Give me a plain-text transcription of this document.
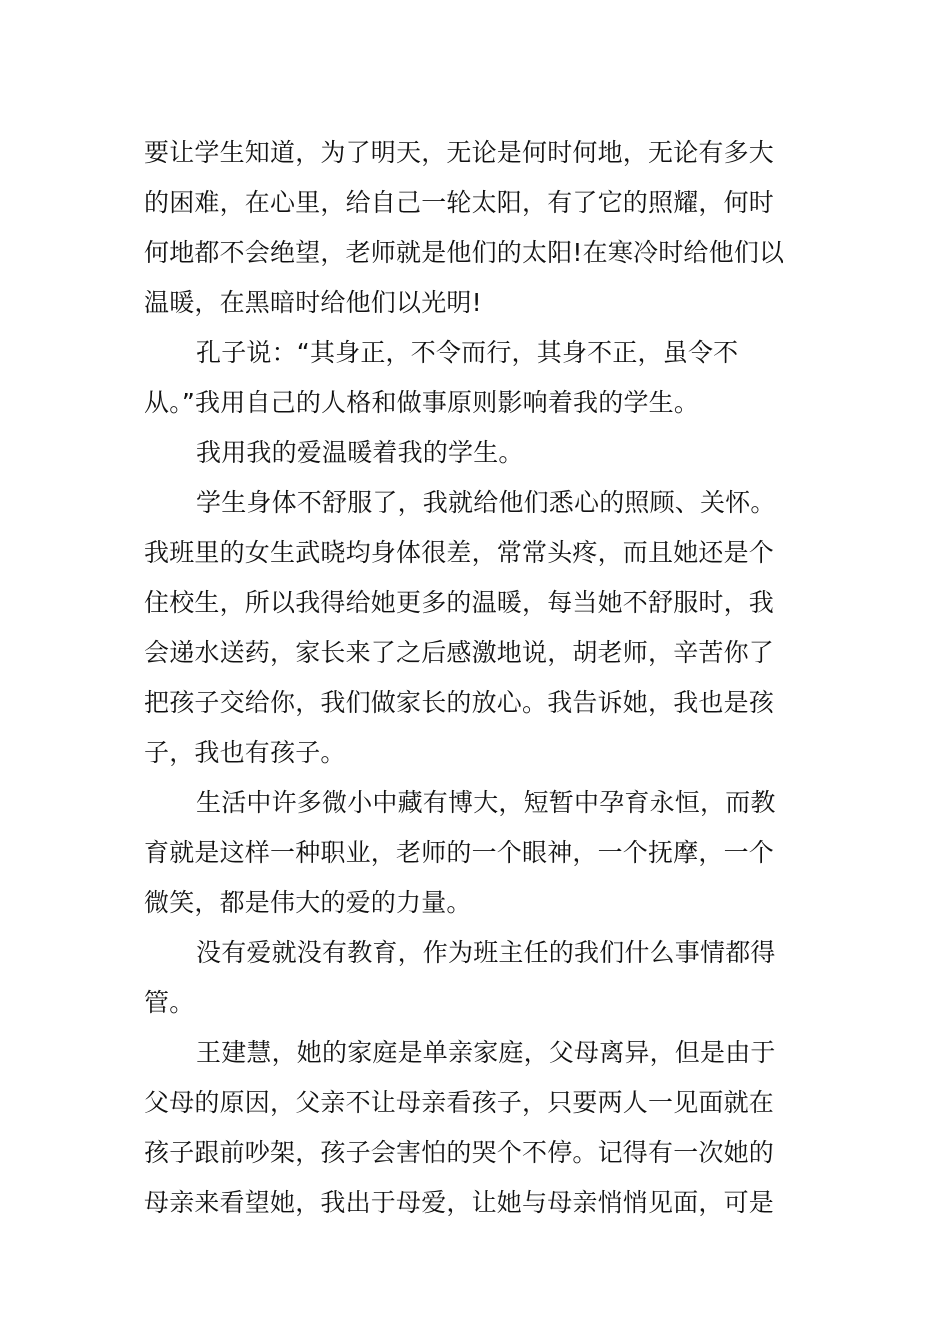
要让学生知道，为了明天，无论是何时何地，无论有多大
的困难，在心里，给自己一轮太阳，有了它的照耀，何时
何地都不会绝望，老师就是他们的太阳!在寒冷时给他们以
温暖，在黑暗时给他们以光明!
孔子说：“其身正，不令而行，其身不正，虽令不
从。”我用自己的人格和做事原则影响着我的学生。
我用我的爱温暖着我的学生。
学生身体不舒服了，我就给他们悉心的照顾、关怀。
我班里的女生武晓均身体很差，常常头疼，而且她还是个
住校生，所以我得给她更多的温暖，每当她不舒服时，我
会递水送药，家长来了之后感激地说，胡老师，辛苦你了
把孩子交给你，我们做家长的放心。我告诉她，我也是孩
子，我也有孩子。
生活中许多微小中藏有博大，短暂中孕育永恒，而教
育就是这样一种职业，老师的一个眼神，一个抚摩，一个
微笑，都是伟大的爱的力量。
没有爱就没有教育，作为班主任的我们什么事情都得
管。
王建慧，她的家庭是单亲家庭，父母离异，但是由于
父母的原因，父亲不让母亲看孩子，只要两人一见面就在
孩子跟前吵架，孩子会害怕的哭个不停。记得有一次她的
母亲来看望她，我出于母爱，让她与母亲悄悄见面，可是
